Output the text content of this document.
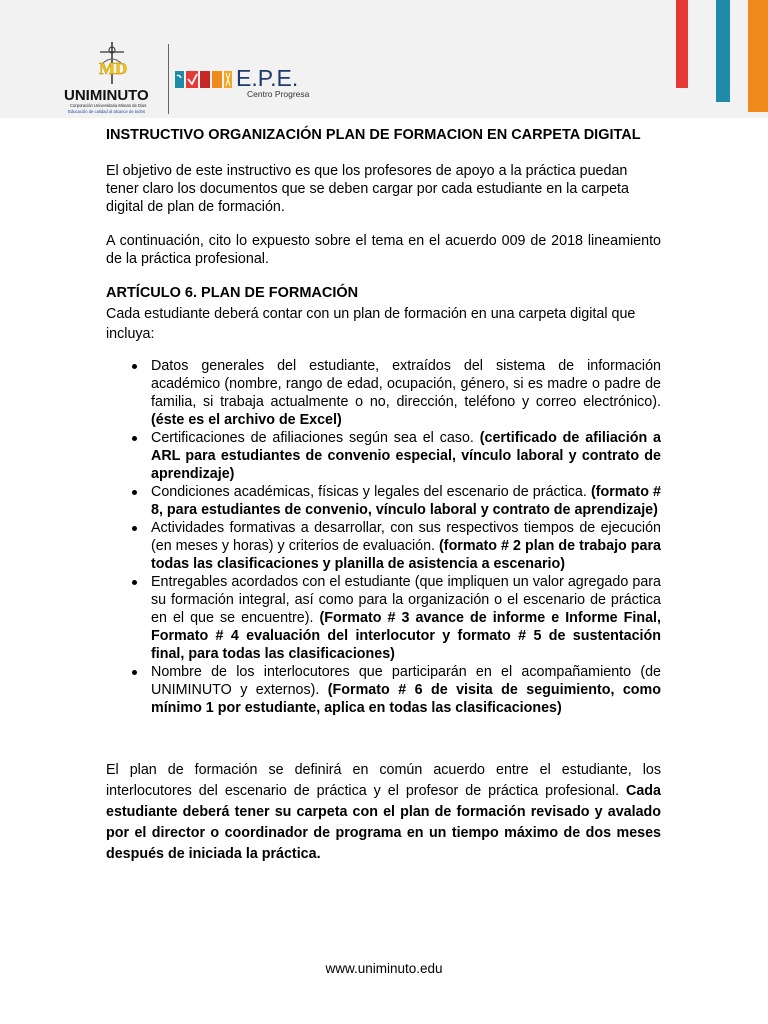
MD
UNIMINUTO
Corporación Universitaria Minuto de Dios
Educación de calidad al alcance de todos
E.P.E.
Centro Progresa
INSTRUCTIVO ORGANIZACIÓN PLAN DE FORMACION EN CARPETA DIGITAL

El objetivo de este instructivo es que los profesores de apoyo a la práctica puedan tener claro los documentos que se deben cargar por cada estudiante en la carpeta digital de plan de formación.

A continuación, cito lo expuesto sobre el tema en el acuerdo 009 de 2018 lineamiento de la práctica profesional.

ARTÍCULO 6. PLAN DE FORMACIÓN
Cada estudiante deberá contar con un plan de formación en una carpeta digital que incluya:
Datos generales del estudiante, extraídos del sistema de información académico (nombre, rango de edad, ocupación, género, si es madre o padre de familia, si trabaja actualmente o no, dirección, teléfono y correo electrónico). (éste es el archivo de Excel)
Certificaciones de afiliaciones según sea el caso. (certificado de afiliación a ARL para estudiantes de convenio especial, vínculo laboral y contrato de aprendizaje)
Condiciones académicas, físicas y legales del escenario de práctica. (formato # 8, para estudiantes de convenio, vínculo laboral y contrato de aprendizaje)
Actividades formativas a desarrollar, con sus respectivos tiempos de ejecución (en meses y horas) y criterios de evaluación. (formato # 2 plan de trabajo para todas las clasificaciones y planilla de asistencia a escenario)
Entregables acordados con el estudiante (que impliquen un valor agregado para su formación integral, así como para la organización o el escenario de práctica en el que se encuentre). (Formato # 3 avance de informe e Informe Final, Formato # 4 evaluación del interlocutor y formato # 5 de sustentación final, para todas las clasificaciones)
Nombre de los interlocutores que participarán en el acompañamiento (de UNIMINUTO y externos). (Formato # 6 de visita de seguimiento, como mínimo 1 por estudiante, aplica en todas las clasificaciones)

El plan de formación se definirá en común acuerdo entre el estudiante, los interlocutores del escenario de práctica y el profesor de práctica profesional. Cada estudiante deberá tener su carpeta con el plan de formación revisado y avalado por el director o coordinador de programa en un tiempo máximo de dos meses después de iniciada la práctica.

www.uniminuto.edu
